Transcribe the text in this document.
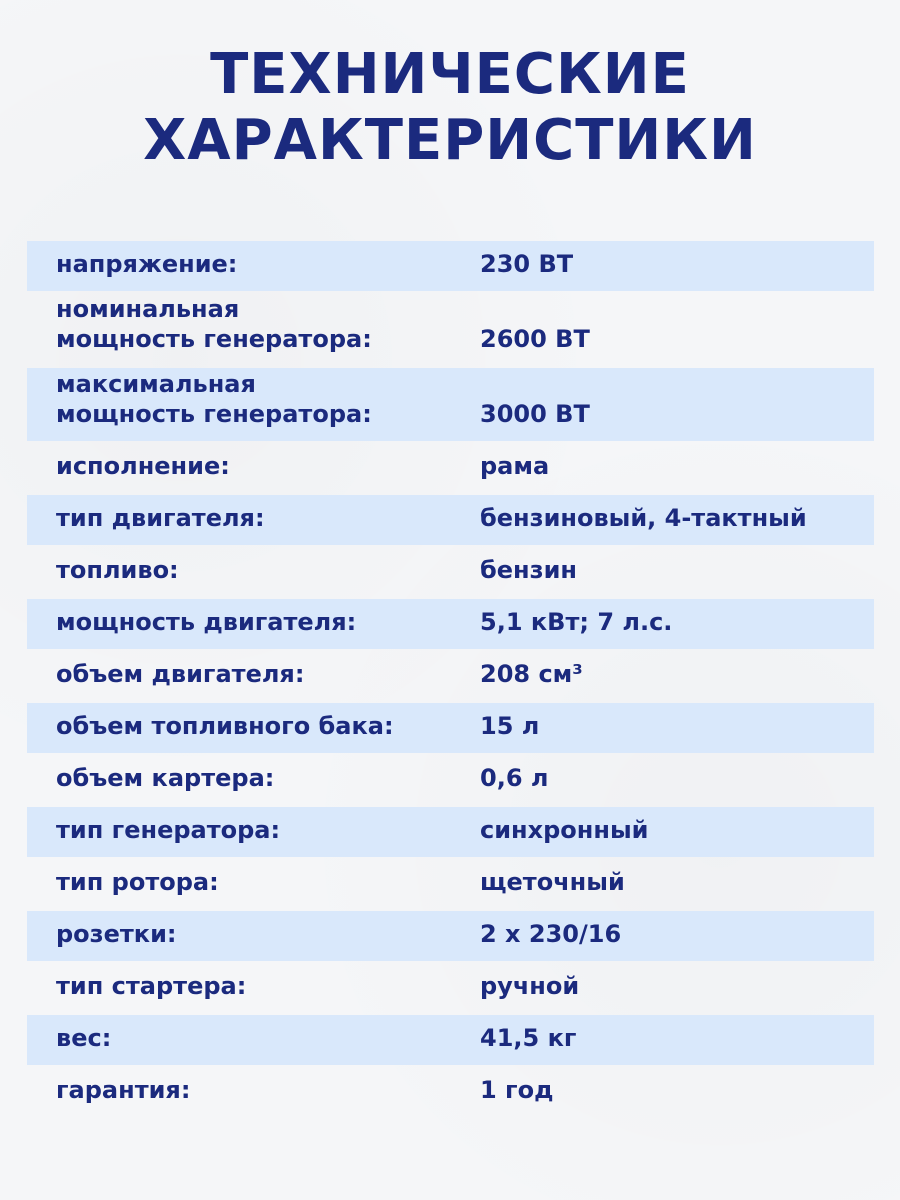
ТЕХНИЧЕСКИЕ
ХАРАКТЕРИСТИКИ
напряжение:	230 ВТ
номинальная
мощность генератора:	2600 ВТ
максимальная
мощность генератора:	3000 ВТ
исполнение:	рама
тип двигателя:	бензиновый, 4-тактный
топливо:	бензин
мощность двигателя:	5,1 кВт; 7 л.с.
объем двигателя:	208 см³
объем топливного бака:	15 л
объем картера:	0,6 л
тип генератора:	синхронный
тип ротора:	щеточный
розетки:	2 х 230/16
тип стартера:	ручной
вес:	41,5 кг
гарантия:	1 год
